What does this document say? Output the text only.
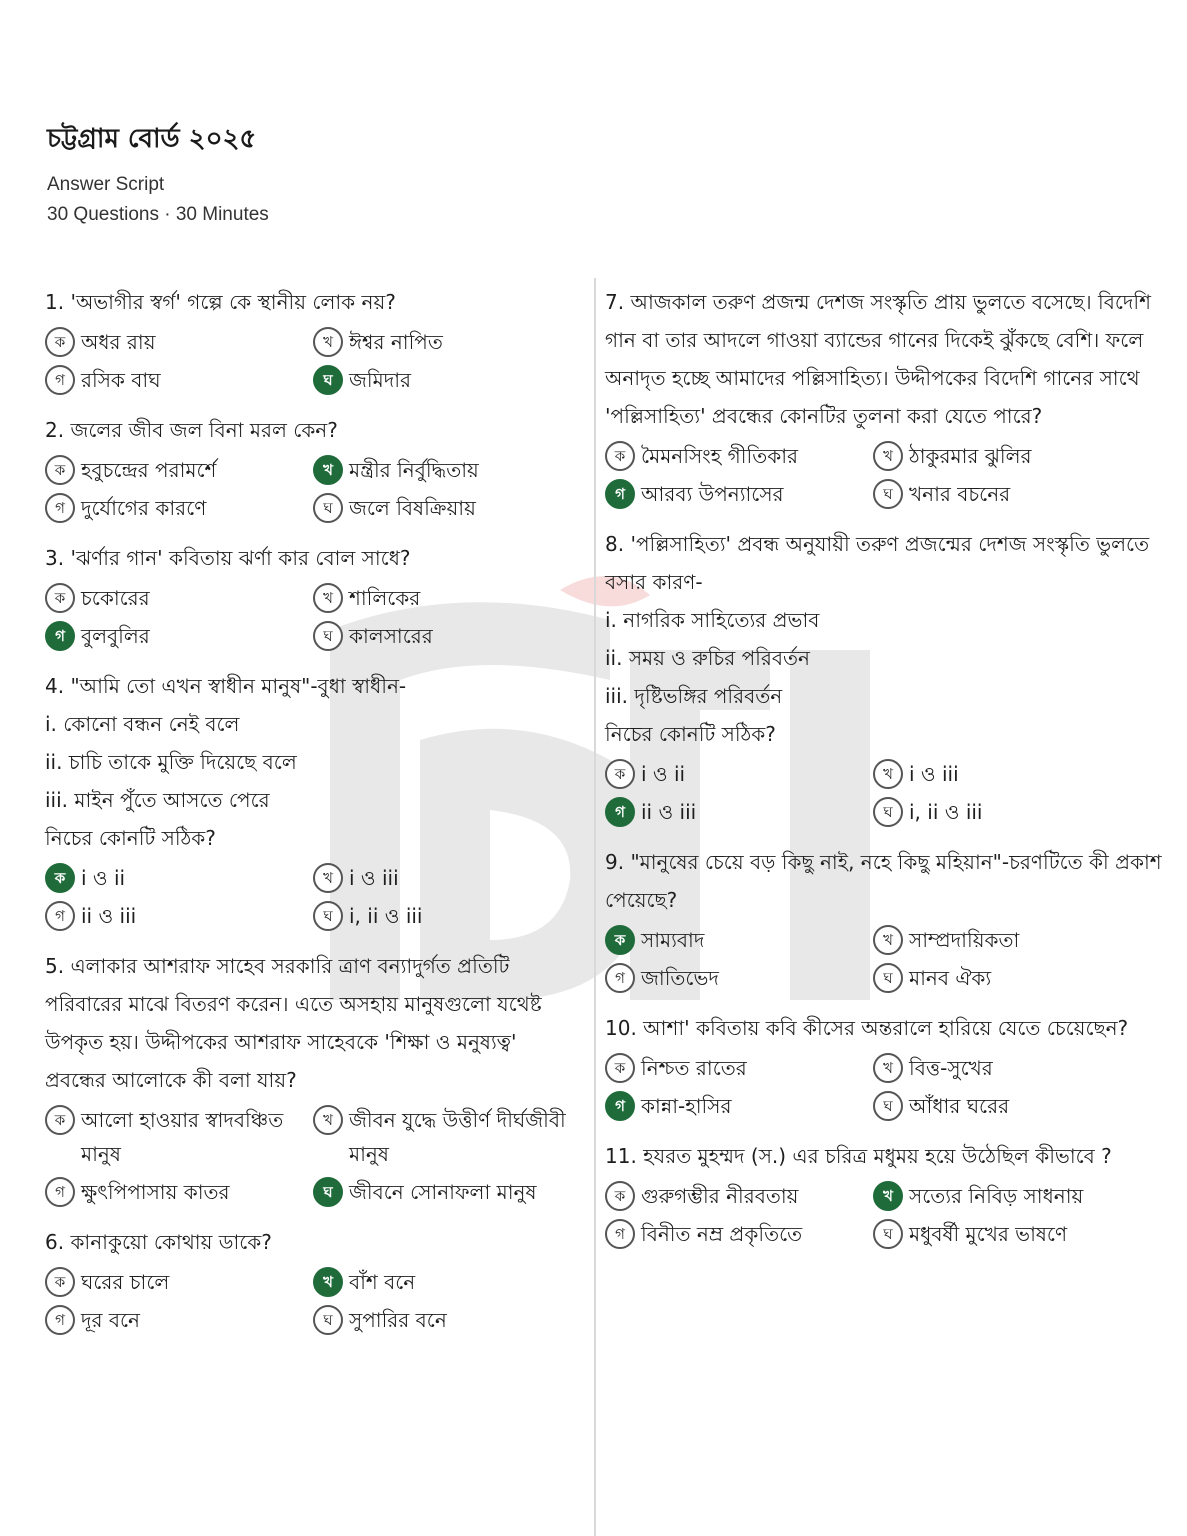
চট্টগ্রাম বোর্ড ২০২৫
Answer Script
30 Questions · 30 Minutes
1. 'অভাগীর স্বর্গ' গল্পে কে স্থানীয় লোক নয়?
ক অধর রায়	খ ঈশ্বর নাপিত
গ রসিক বাঘ	ঘ জমিদার
2. জলের জীব জল বিনা মরল কেন?
ক হবুচন্দ্রের পরামর্শে	খ মন্ত্রীর নির্বুদ্ধিতায়
গ দুর্যোগের কারণে	ঘ জলে বিষক্রিয়ায়
3. 'ঝর্ণার গান' কবিতায় ঝর্ণা কার বোল সাধে?
ক চকোরের	খ শালিকের
গ বুলবুলির	ঘ কালসারের
4. "আমি তো এখন স্বাধীন মানুষ"-বুধা স্বাধীন-
i. কোনো বন্ধন নেই বলে
ii. চাচি তাকে মুক্তি দিয়েছে বলে
iii. মাইন পুঁতে আসতে পেরে
নিচের কোনটি সঠিক?
ক i ও ii	খ i ও iii
গ ii ও iii	ঘ i, ii ও iii
5. এলাকার আশরাফ সাহেব সরকারি ত্রাণ বন্যাদুর্গত প্রতিটি পরিবারের মাঝে বিতরণ করেন। এতে অসহায় মানুষগুলো যথেষ্ট উপকৃত হয়। উদ্দীপকের আশরাফ সাহেবকে 'শিক্ষা ও মনুষ্যত্ব' প্রবন্ধের আলোকে কী বলা যায়?
ক আলো হাওয়ার স্বাদবঞ্চিত মানুষ
খ জীবন যুদ্ধে উত্তীর্ণ দীর্ঘজীবী মানুষ
গ ক্ষুৎপিপাসায় কাতর	ঘ জীবনে সোনাফলা মানুষ
6. কানাকুয়ো কোথায় ডাকে?
ক ঘরের চালে	খ বাঁশ বনে
গ দূর বনে	ঘ সুপারির বনে
7. আজকাল তরুণ প্রজন্ম দেশজ সংস্কৃতি প্রায় ভুলতে বসেছে। বিদেশি গান বা তার আদলে গাওয়া ব্যান্ডের গানের দিকেই ঝুঁকছে বেশি। ফলে অনাদৃত হচ্ছে আমাদের পল্লিসাহিত্য। উদ্দীপকের বিদেশি গানের সাথে 'পল্লিসাহিত্য' প্রবন্ধের কোনটির তুলনা করা যেতে পারে?
ক মৈমনসিংহ গীতিকার	খ ঠাকুরমার ঝুলির
গ আরব্য উপন্যাসের	ঘ খনার বচনের
8. 'পল্লিসাহিত্য' প্রবন্ধ অনুযায়ী তরুণ প্রজন্মের দেশজ সংস্কৃতি ভুলতে বসার কারণ-
i. নাগরিক সাহিত্যের প্রভাব
ii. সময় ও রুচির পরিবর্তন
iii. দৃষ্টিভঙ্গির পরিবর্তন
নিচের কোনটি সঠিক?
ক i ও ii	খ i ও iii
গ ii ও iii	ঘ i, ii ও iii
9. "মানুষের চেয়ে বড় কিছু নাই, নহে কিছু মহিয়ান"-চরণটিতে কী প্রকাশ পেয়েছে?
ক সাম্যবাদ	খ সাম্প্রদায়িকতা
গ জাতিভেদ	ঘ মানব ঐক্য
10. আশা' কবিতায় কবি কীসের অন্তরালে হারিয়ে যেতে চেয়েছেন?
ক নিশ্চত রাতের	খ বিত্ত-সুখের
গ কান্না-হাসির	ঘ আঁধার ঘরের
11. হযরত মুহম্মদ (স.) এর চরিত্র মধুময় হয়ে উঠেছিল কীভাবে ?
ক গুরুগম্ভীর নীরবতায়	খ সত্যের নিবিড় সাধনায়
গ বিনীত নম্র প্রকৃতিতে	ঘ মধুবর্ষী মুখের ভাষণে
